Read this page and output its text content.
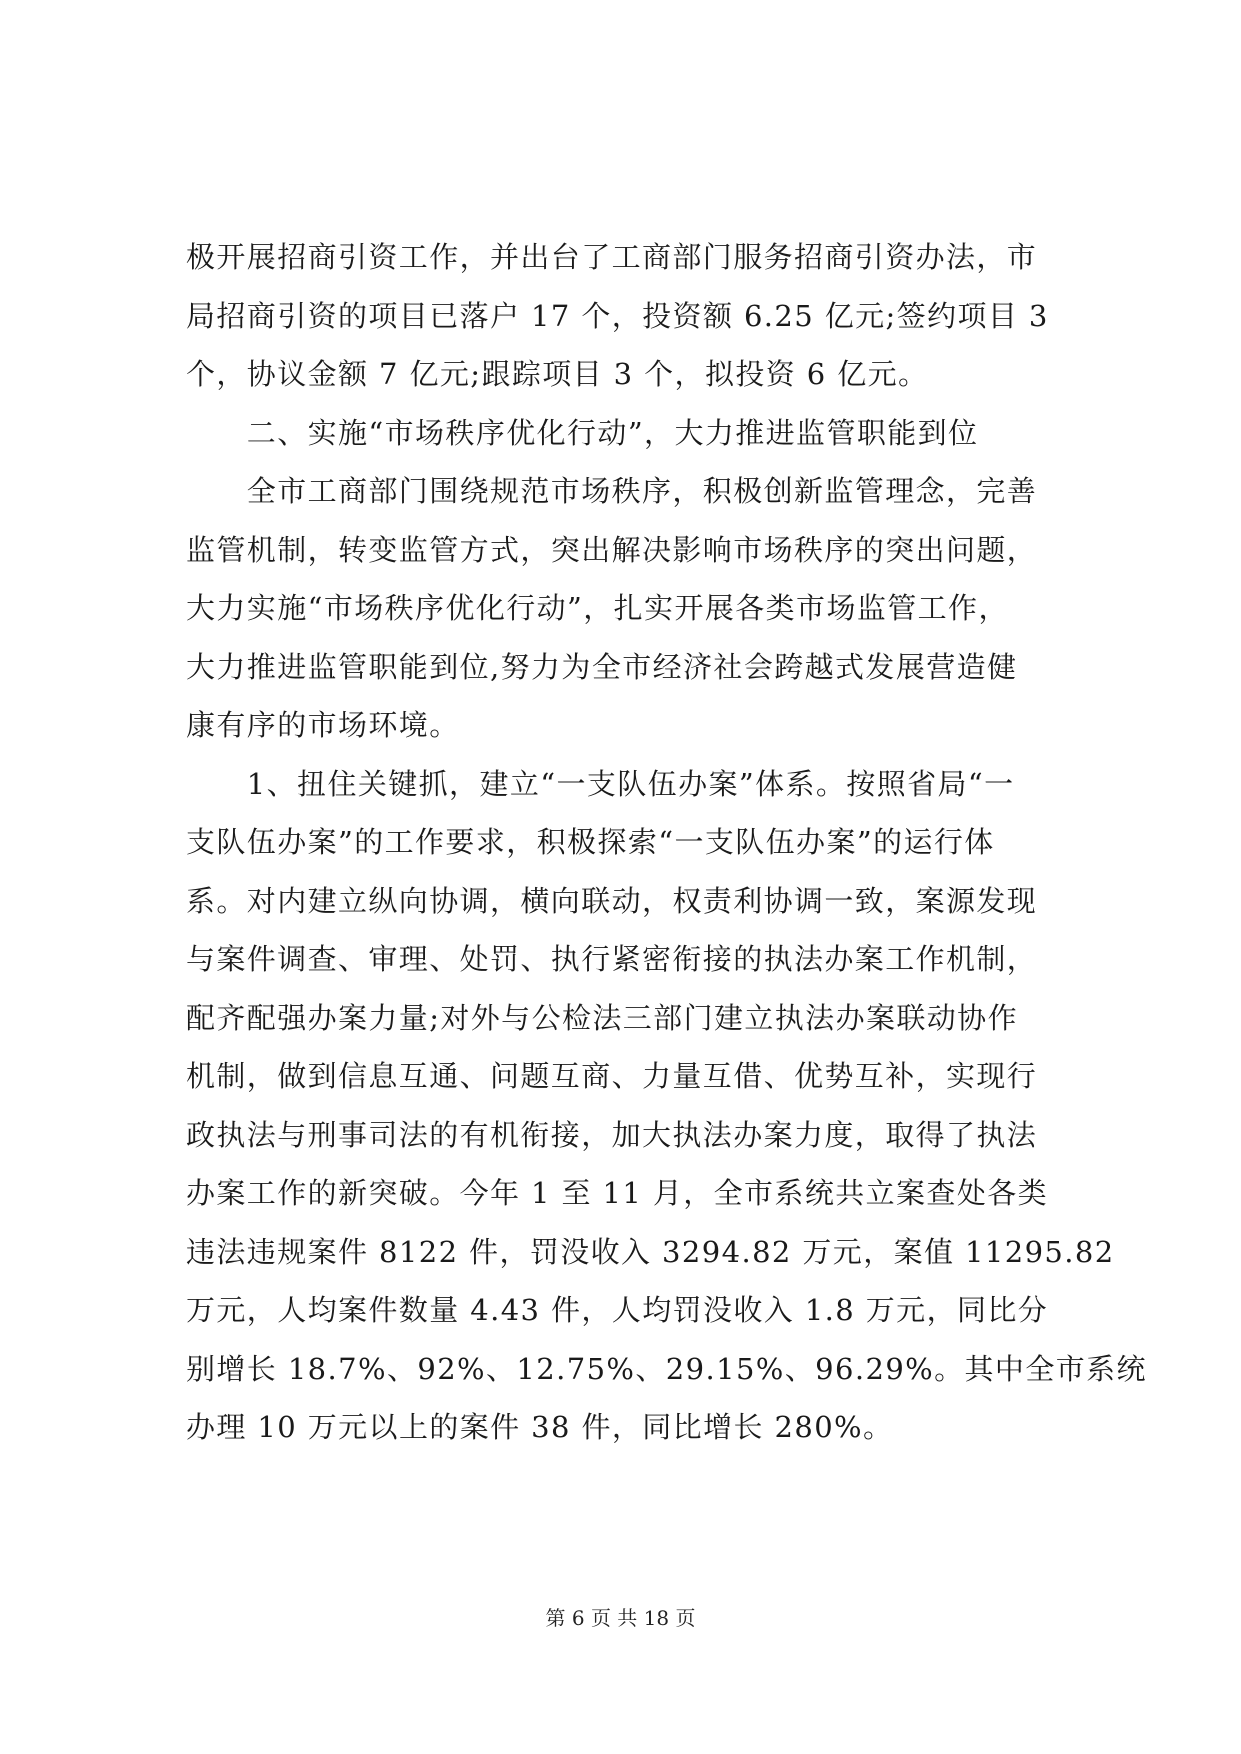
极开展招商引资工作，并出台了工商部门服务招商引资办法，市
局招商引资的项目已落户 17 个，投资额 6.25 亿元;签约项目 3
个，协议金额 7 亿元;跟踪项目 3 个，拟投资 6 亿元。
　　二、实施“市场秩序优化行动”，大力推进监管职能到位
　　全市工商部门围绕规范市场秩序，积极创新监管理念，完善
监管机制，转变监管方式，突出解决影响市场秩序的突出问题，
大力实施“市场秩序优化行动”，扎实开展各类市场监管工作，
大力推进监管职能到位,努力为全市经济社会跨越式发展营造健
康有序的市场环境。
　　1、扭住关键抓，建立“一支队伍办案”体系。按照省局“一
支队伍办案”的工作要求，积极探索“一支队伍办案”的运行体
系。对内建立纵向协调，横向联动，权责利协调一致，案源发现
与案件调查、审理、处罚、执行紧密衔接的执法办案工作机制，
配齐配强办案力量;对外与公检法三部门建立执法办案联动协作
机制，做到信息互通、问题互商、力量互借、优势互补，实现行
政执法与刑事司法的有机衔接，加大执法办案力度，取得了执法
办案工作的新突破。今年 1 至 11 月，全市系统共立案查处各类
违法违规案件 8122 件，罚没收入 3294.82 万元，案值 11295.82
万元，人均案件数量 4.43 件，人均罚没收入 1.8 万元，同比分
别增长 18.7%、92%、12.75%、29.15%、96.29%。其中全市系统
办理 10 万元以上的案件 38 件，同比增长 280%。
第 6 页 共 18 页
